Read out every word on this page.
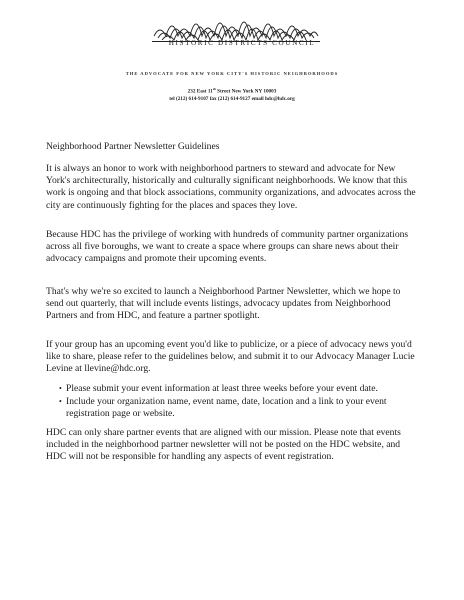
HISTORIC DISTRICTS COUNCIL
THE ADVOCATE FOR NEW YORK CITY'S HISTORIC NEIGHBORHOODS
232 East 11th Street New York NY 10003
tel (212) 614-9107 fax (212) 614-9127 email hdc@hdc.org
Neighborhood Partner Newsletter Guidelines

It is always an honor to work with neighborhood partners to steward and advocate for New York's architecturally, historically and culturally significant neighborhoods. We know that this work is ongoing and that block associations, community organizations, and advocates across the city are continuously fighting for the places and spaces they love.

Because HDC has the privilege of working with hundreds of community partner organizations across all five boroughs, we want to create a space where groups can share news about their advocacy campaigns and promote their upcoming events.

That's why we're so excited to launch a Neighborhood Partner Newsletter, which we hope to send out quarterly, that will include events listings, advocacy updates from Neighborhood Partners and from HDC, and feature a partner spotlight.

If your group has an upcoming event you'd like to publicize, or a piece of advocacy news you'd like to share, please refer to the guidelines below, and submit it to our Advocacy Manager Lucie Levine at llevine@hdc.org.

• Please submit your event information at least three weeks before your event date.
• Include your organization name, event name, date, location and a link to your event registration page or website.

HDC can only share partner events that are aligned with our mission. Please note that events included in the neighborhood partner newsletter will not be posted on the HDC website, and HDC will not be responsible for handling any aspects of event registration.
